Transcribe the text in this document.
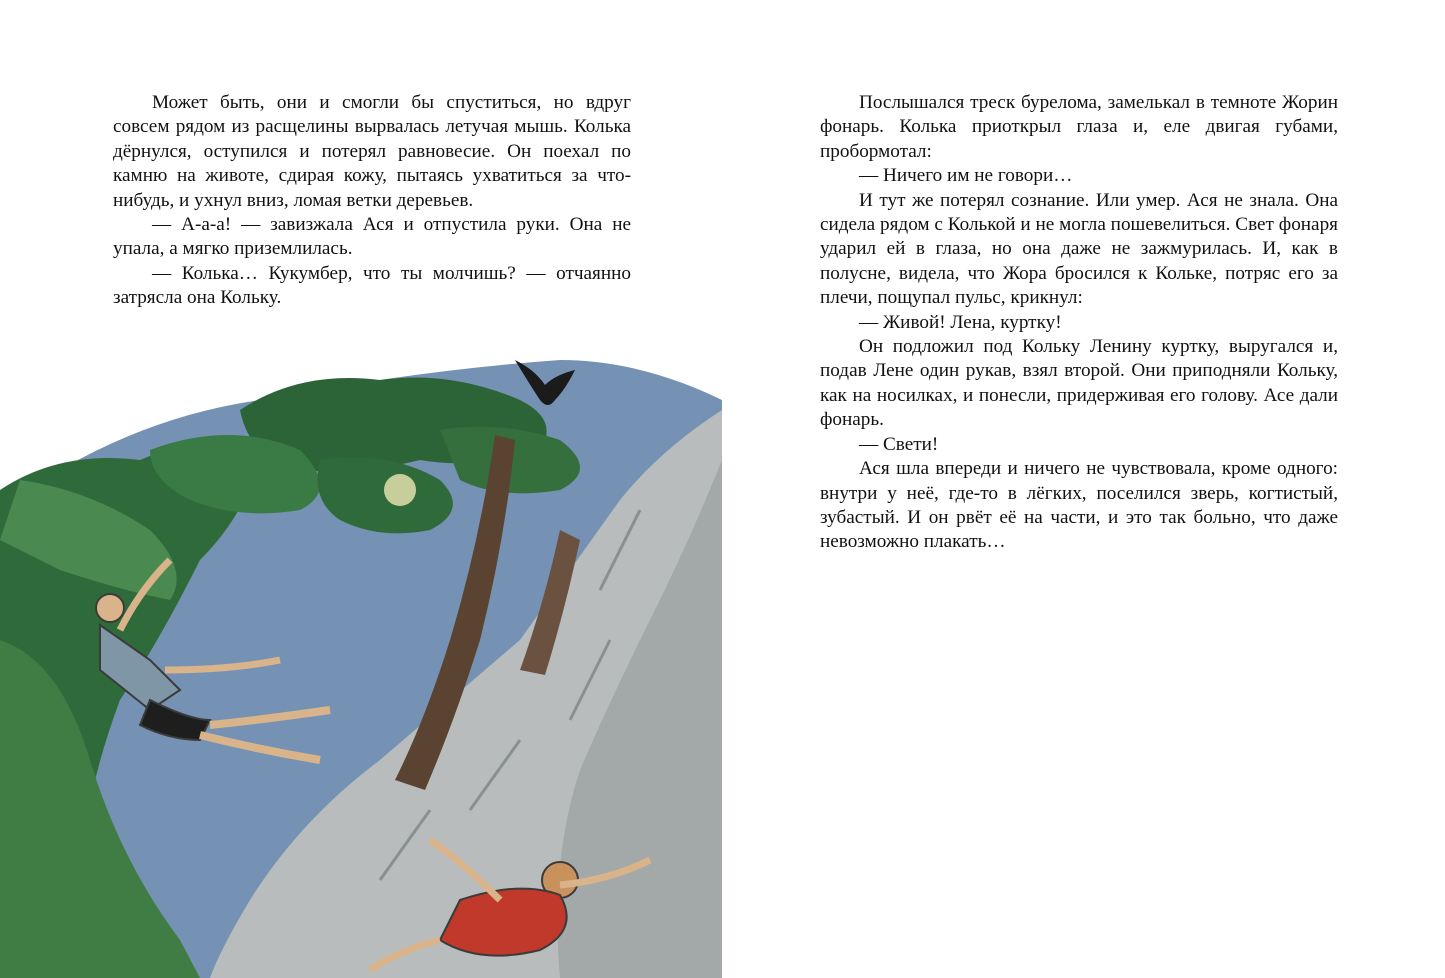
Может быть, они и смогли бы спуститься, но вдруг совсем рядом из расщелины вырвалась летучая мышь. Колька дёрнулся, оступился и потерял равновесие. Он поехал по камню на животе, сдирая кожу, пытаясь ухватиться за что-нибудь, и ухнул вниз, ломая ветки деревьев.

— А-а-а! — завизжала Ася и отпустила руки. Она не упала, а мягко приземлилась.

— Колька… Кукумбер, что ты молчишь? — отчаянно затрясла она Кольку.

Послышался треск бурелома, замелькал в темноте Жорин фонарь. Колька приоткрыл глаза и, еле двигая губами, пробормотал:

— Ничего им не говори…

И тут же потерял сознание. Или умер. Ася не знала. Она сидела рядом с Колькой и не могла пошевелиться. Свет фонаря ударил ей в глаза, но она даже не зажмурилась. И, как в полусне, видела, что Жора бросился к Кольке, потряс его за плечи, пощупал пульс, крикнул:

— Живой! Лена, куртку!

Он подложил под Кольку Ленину куртку, выругался и, подав Лене один рукав, взял второй. Они приподняли Кольку, как на носилках, и понесли, придерживая его голову. Асе дали фонарь.

— Свети!

Ася шла впереди и ничего не чувствовала, кроме одного: внутри у неё, где-то в лёгких, поселился зверь, когтистый, зубастый. И он рвёт её на части, и это так больно, что даже невозможно плакать…
